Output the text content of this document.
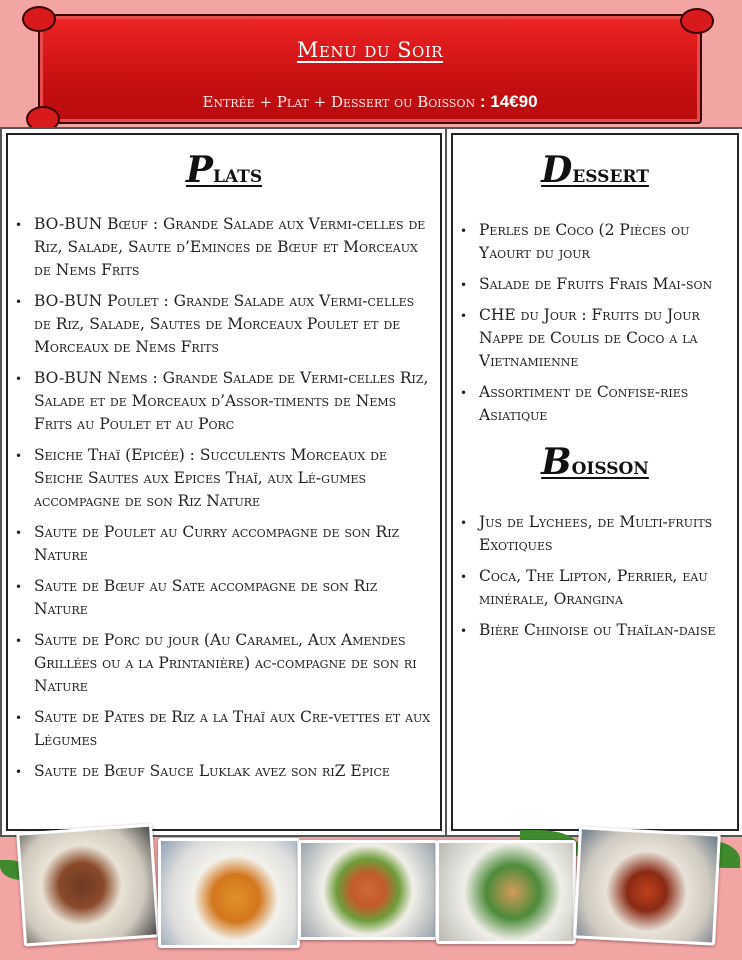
Menu du Soir
Entrée + Plat + Dessert ou Boisson : 14€90
Plats
• BO-BUN Bœuf : Grande Salade aux Vermi-celles de Riz, Salade, Saute d’Eminces de Bœuf et Morceaux de Nems Frits
• BO-BUN Poulet : Grande Salade aux Vermi-celles de Riz, Salade, Sautes de Morceaux Poulet et de Morceaux de Nems Frits
• BO-BUN Nems : Grande Salade de Vermi-celles Riz, Salade et de Morceaux d’Assor-timents de Nems Frits au Poulet et au Porc
• Seiche Thaï (Epicée) : Succulents Morceaux de Seiche Sautes aux Epices Thaï, aux Lé-gumes accompagne de son Riz Nature
• Saute de Poulet au Curry accompagne de son Riz Nature
• Saute de Bœuf au Sate accompagne de son Riz Nature
• Saute de Porc du jour (Au Caramel, Aux Amendes Grillées ou a la Printanière) ac-compagne de son ri Nature
• Saute de Pates de Riz a la Thaï aux Cre-vettes et aux Légumes
• Saute de Bœuf Sauce Luklak avez son riZ Epice
Dessert
• Perles de Coco (2 Pièces ou Yaourt du jour
• Salade de Fruits Frais Mai-son
• CHE du Jour : Fruits du Jour Nappe de Coulis de Coco a la Vietnamienne
• Assortiment de Confise-ries Asiatique
Boisson
• Jus de Lychees, de Multi-fruits Exotiques
• Coca, The Lipton, Perrier, eau minérale, Orangina
• Bière Chinoise ou Thaïlan-daise
